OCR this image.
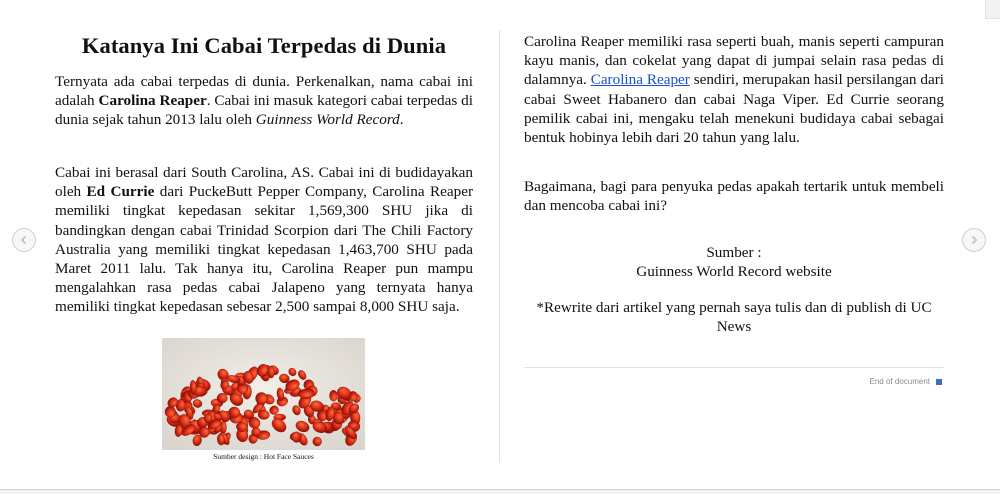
Katanya Ini Cabai Terpedas di Dunia

Ternyata ada cabai terpedas di dunia. Perkenalkan, nama cabai ini adalah Carolina Reaper. Cabai ini masuk kategori cabai terpedas di dunia sejak tahun 2013 lalu oleh Guinness World Record.

Cabai ini berasal dari South Carolina, AS. Cabai ini di budidayakan oleh Ed Currie dari PuckeButt Pepper Company, Carolina Reaper memiliki tingkat kepedasan sekitar 1,569,300 SHU jika di bandingkan dengan cabai Trinidad Scorpion dari The Chili Factory Australia yang memiliki tingkat kepedasan 1,463,700 SHU pada Maret 2011 lalu. Tak hanya itu, Carolina Reaper pun mampu mengalahkan rasa pedas cabai Jalapeno yang ternyata hanya memiliki tingkat kepedasan sebesar 2,500 sampai 8,000 SHU saja.

Sumber design : Hot Face Sauces

Carolina Reaper memiliki rasa seperti buah, manis seperti campuran kayu manis, dan cokelat yang dapat di jumpai selain rasa pedas di dalamnya. Carolina Reaper sendiri, merupakan hasil persilangan dari cabai Sweet Habanero dan cabai Naga Viper. Ed Currie seorang pemilik cabai ini, mengaku telah menekuni budidaya cabai sebagai bentuk hobinya lebih dari 20 tahun yang lalu.

Bagaimana, bagi para penyuka pedas apakah tertarik untuk membeli dan mencoba cabai ini?

Sumber :
Guinness World Record website

*Rewrite dari artikel yang pernah saya tulis dan di publish di UC News

End of document
